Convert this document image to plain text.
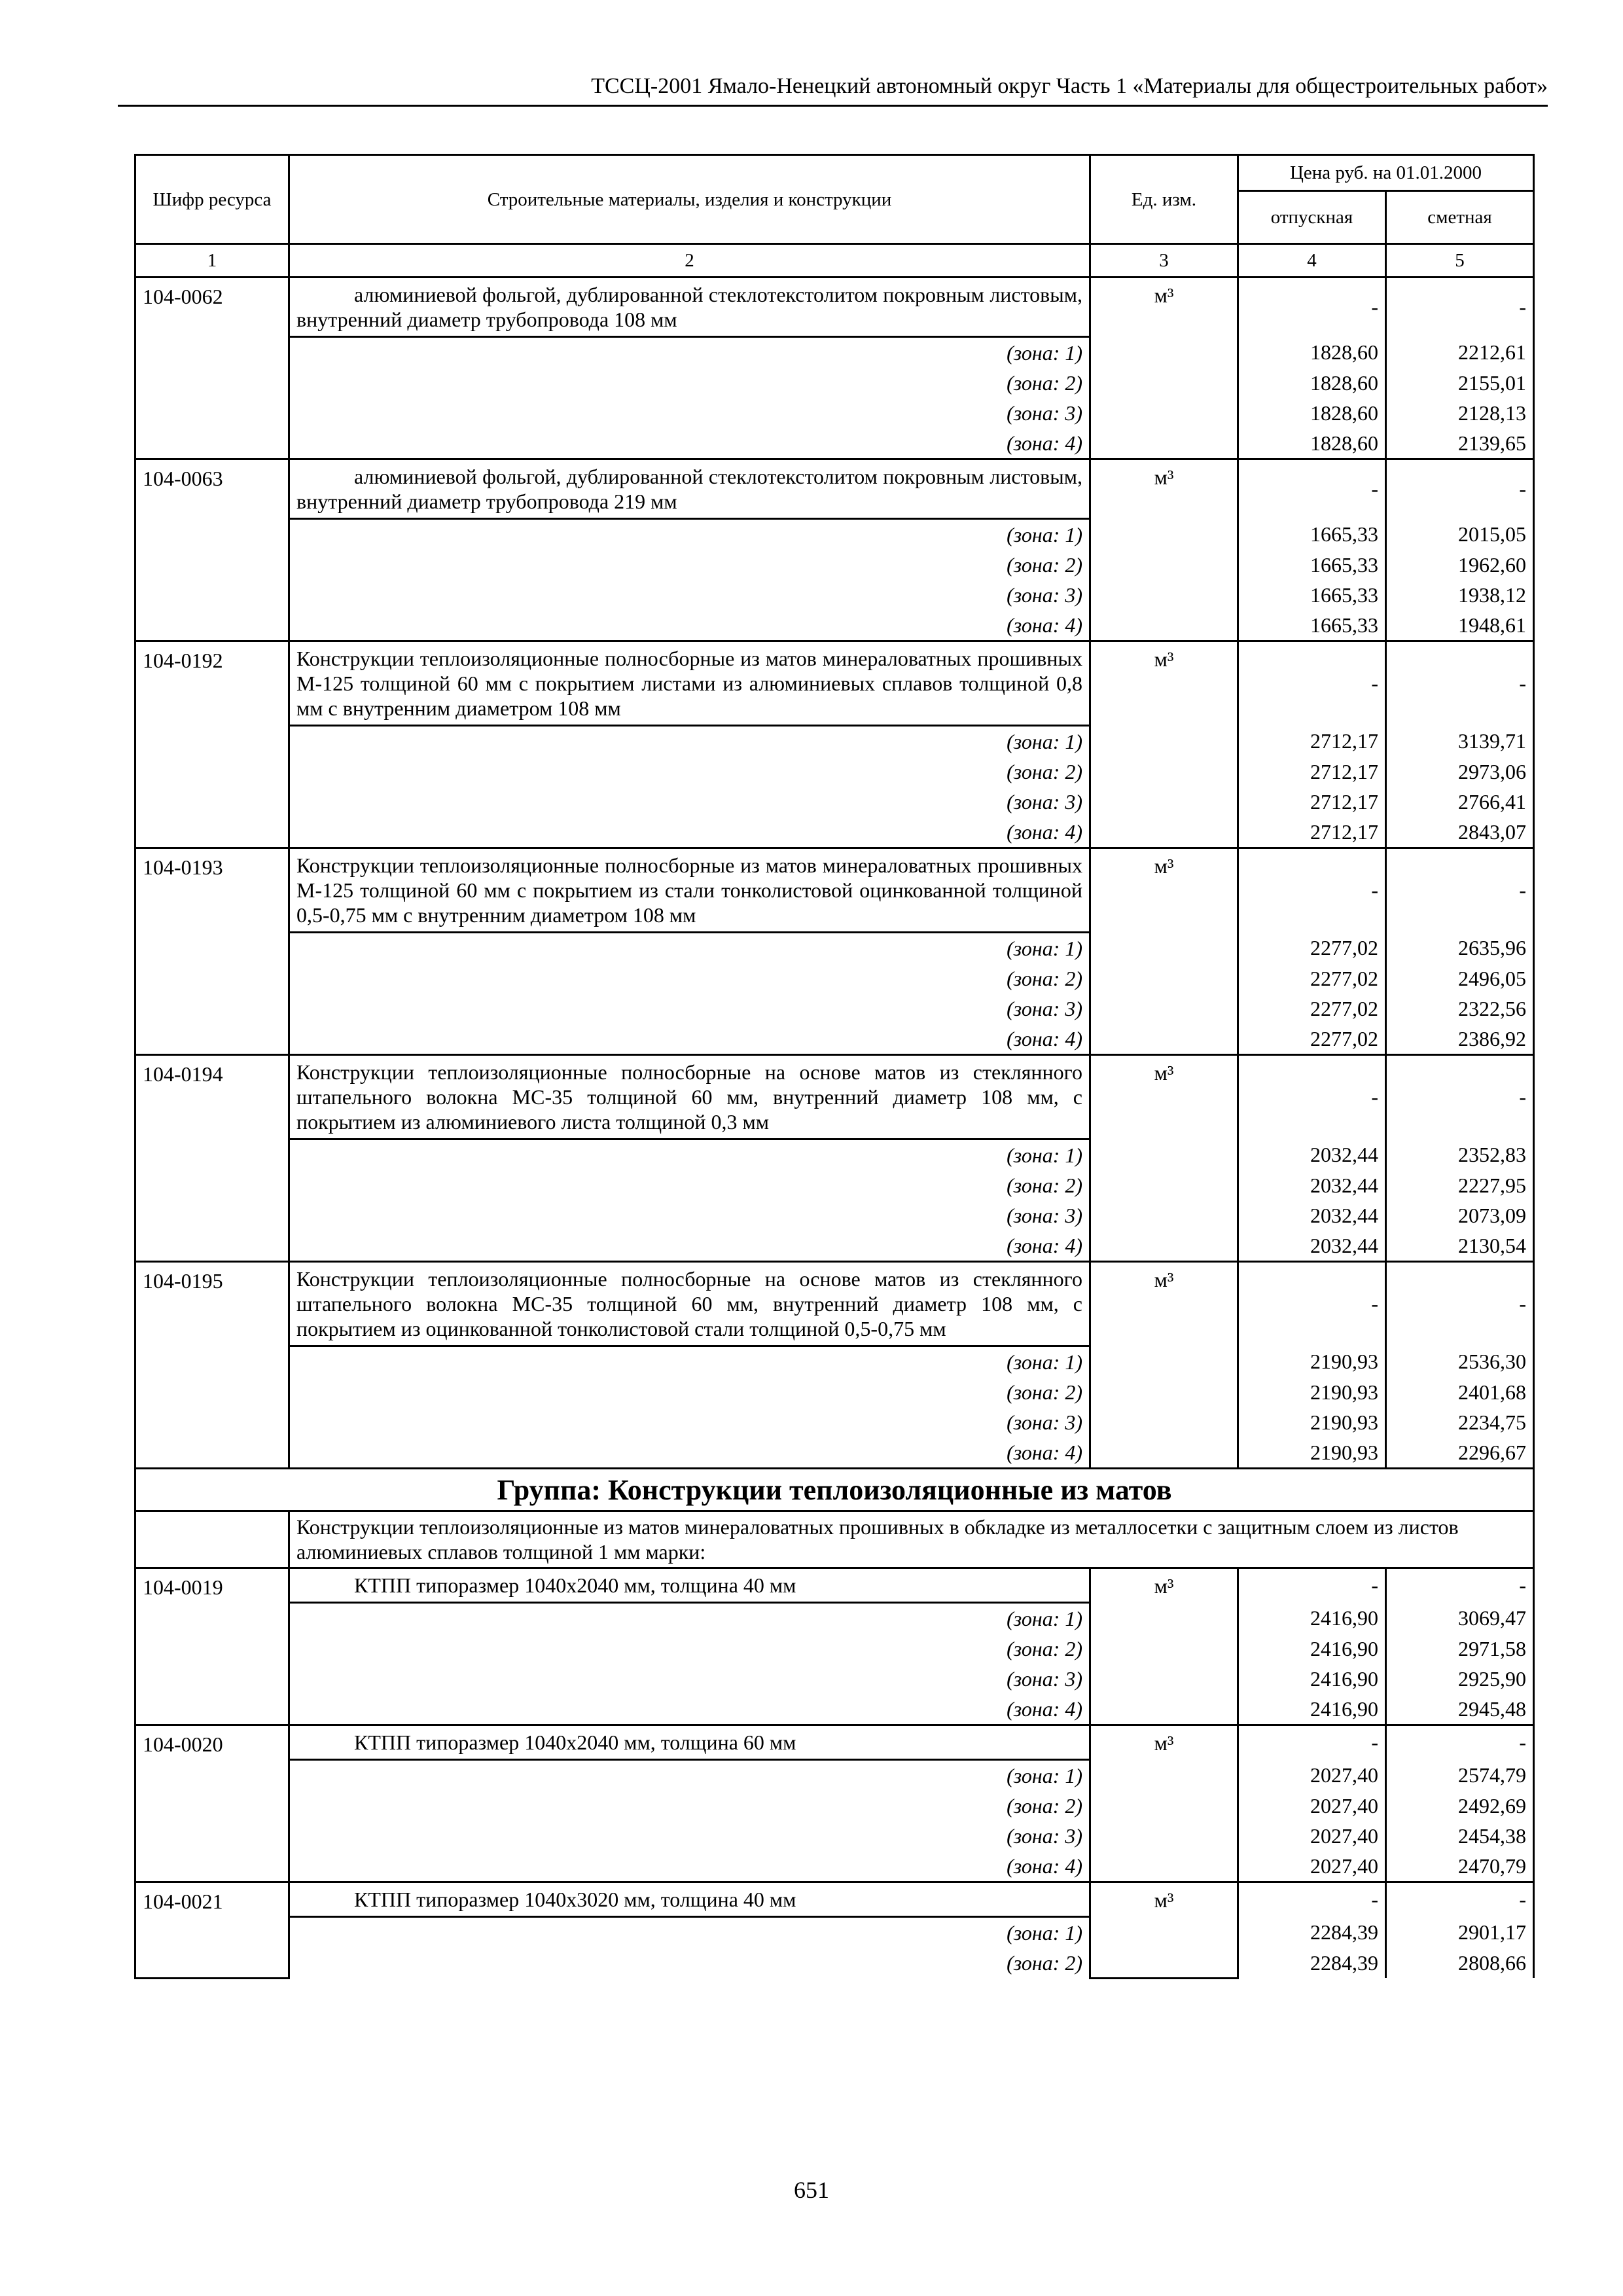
ТССЦ-2001 Ямало-Ненецкий автономный округ Часть 1 «Материалы для общестроительных работ»
Шифр ресурса	Строительные материалы, изделия и конструкции	Ед. изм.	Цена руб. на 01.01.2000	
			отпускная	сметная
1	2	3	4	5
104-0062	алюминиевой фольгой, дублированной стеклотекстолитом покровным листовым, внутренний диаметр трубопровода 108 мм	м³	-	-
	(зона: 1)		1828,60	2212,61
	(зона: 2)		1828,60	2155,01
	(зона: 3)		1828,60	2128,13
	(зона: 4)		1828,60	2139,65
104-0063	алюминиевой фольгой, дублированной стеклотекстолитом покровным листовым, внутренний диаметр трубопровода 219 мм	м³	-	-
	(зона: 1)		1665,33	2015,05
	(зона: 2)		1665,33	1962,60
	(зона: 3)		1665,33	1938,12
	(зона: 4)		1665,33	1948,61
104-0192	Конструкции теплоизоляционные полносборные из матов минераловатных прошивных М-125 толщиной 60 мм с покрытием листами из алюминиевых сплавов толщиной 0,8 мм с внутренним диаметром 108 мм	м³	-	-
	(зона: 1)		2712,17	3139,71
	(зона: 2)		2712,17	2973,06
	(зона: 3)		2712,17	2766,41
	(зона: 4)		2712,17	2843,07
104-0193	Конструкции теплоизоляционные полносборные из матов минераловатных прошивных М-125 толщиной 60 мм с покрытием из стали тонколистовой оцинкованной толщиной 0,5-0,75 мм с внутренним диаметром 108 мм	м³	-	-
	(зона: 1)		2277,02	2635,96
	(зона: 2)		2277,02	2496,05
	(зона: 3)		2277,02	2322,56
	(зона: 4)		2277,02	2386,92
104-0194	Конструкции теплоизоляционные полносборные на основе матов из стеклянного штапельного волокна МС-35 толщиной 60 мм, внутренний диаметр 108 мм, с покрытием из алюминиевого листа толщиной 0,3 мм	м³	-	-
	(зона: 1)		2032,44	2352,83
	(зона: 2)		2032,44	2227,95
	(зона: 3)		2032,44	2073,09
	(зона: 4)		2032,44	2130,54
104-0195	Конструкции теплоизоляционные полносборные на основе матов из стеклянного штапельного волокна МС-35 толщиной 60 мм, внутренний диаметр 108 мм, с покрытием из оцинкованной тонколистовой стали толщиной 0,5-0,75 мм	м³	-	-
	(зона: 1)		2190,93	2536,30
	(зона: 2)		2190,93	2401,68
	(зона: 3)		2190,93	2234,75
	(зона: 4)		2190,93	2296,67
Группа: Конструкции теплоизоляционные из матов				
	Конструкции теплоизоляционные из матов минераловатных прошивных в обкладке из металлосетки с защитным слоем из листов алюминиевых сплавов толщиной 1 мм марки:			
104-0019	КТПП типоразмер 1040х2040 мм, толщина 40 мм	м³	-	-
	(зона: 1)		2416,90	3069,47
	(зона: 2)		2416,90	2971,58
	(зона: 3)		2416,90	2925,90
	(зона: 4)		2416,90	2945,48
104-0020	КТПП типоразмер 1040х2040 мм, толщина 60 мм	м³	-	-
	(зона: 1)		2027,40	2574,79
	(зона: 2)		2027,40	2492,69
	(зона: 3)		2027,40	2454,38
	(зона: 4)		2027,40	2470,79
104-0021	КТПП типоразмер 1040х3020 мм, толщина 40 мм	м³	-	-
	(зона: 1)		2284,39	2901,17
	(зона: 2)		2284,39	2808,66
651
